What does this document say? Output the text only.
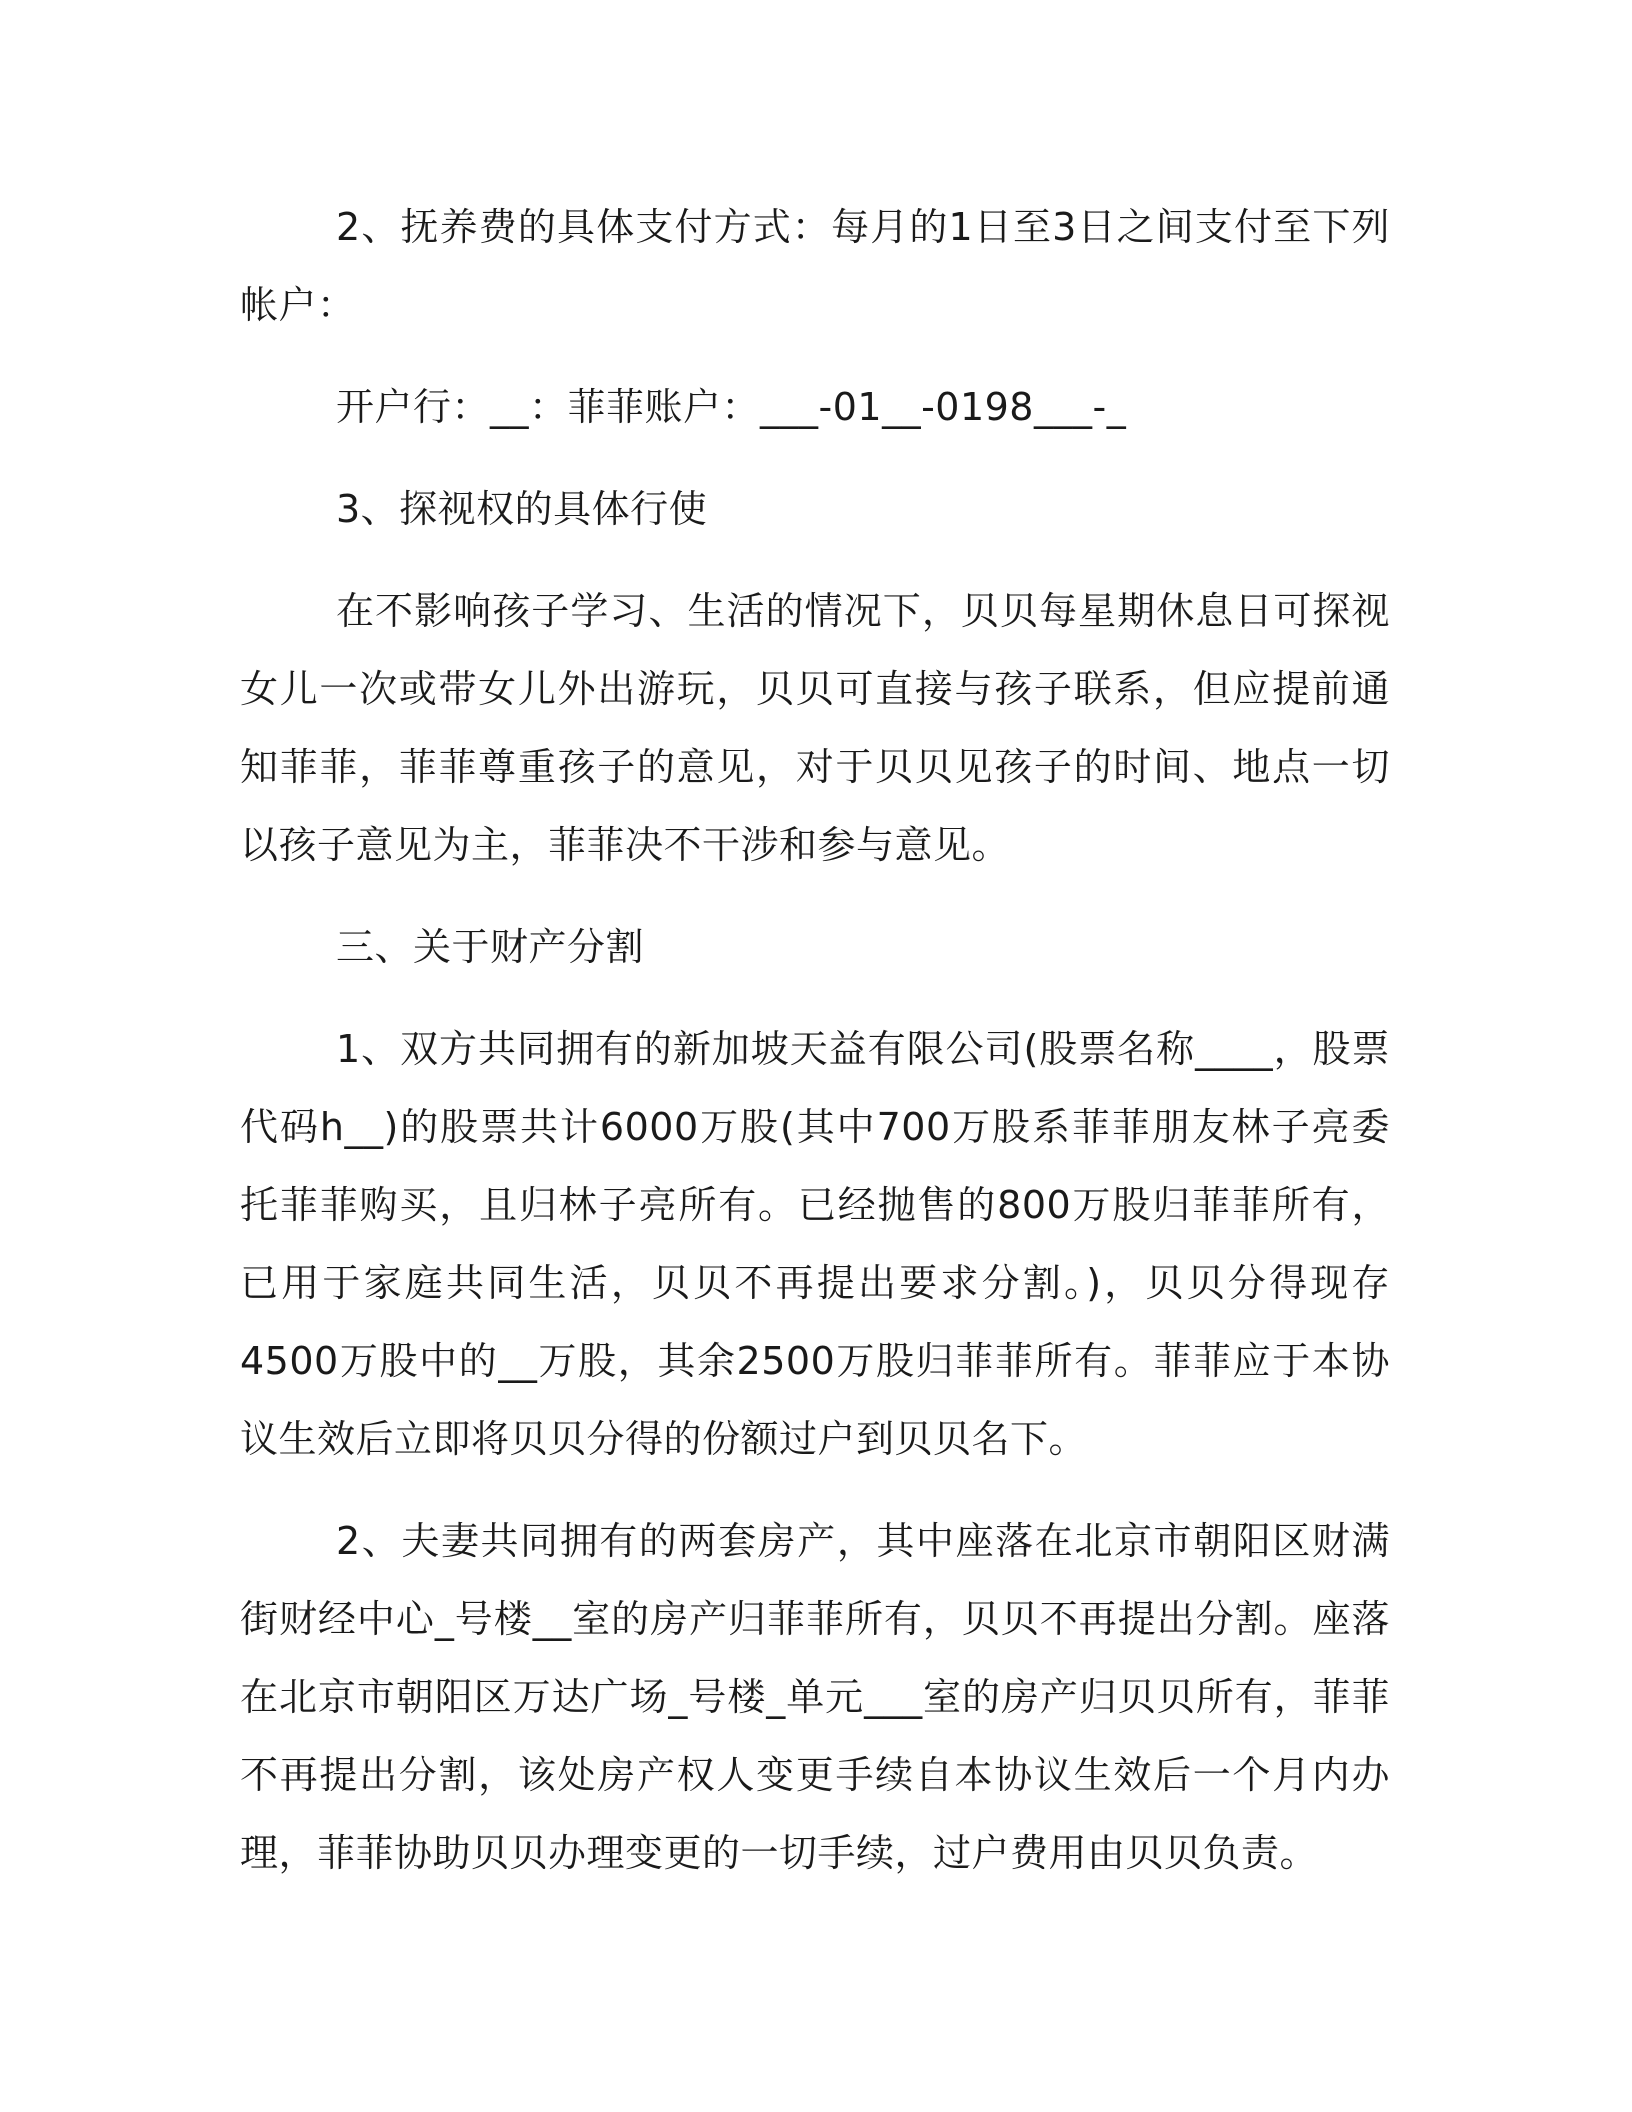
2、抚养费的具体支付方式：每月的1日至3日之间支付至下列帐户：

开户行：__：菲菲账户：___-01__-0198___-_

3、探视权的具体行使

在不影响孩子学习、生活的情况下，贝贝每星期休息日可探视女儿一次或带女儿外出游玩，贝贝可直接与孩子联系，但应提前通知菲菲，菲菲尊重孩子的意见，对于贝贝见孩子的时间、地点一切以孩子意见为主，菲菲决不干涉和参与意见。

三、关于财产分割

1、双方共同拥有的新加坡天益有限公司(股票名称____，股票代码h__)的股票共计6000万股(其中700万股系菲菲朋友林子亮委托菲菲购买，且归林子亮所有。已经抛售的800万股归菲菲所有，已用于家庭共同生活，贝贝不再提出要求分割。)，贝贝分得现存4500万股中的__万股，其余2500万股归菲菲所有。菲菲应于本协议生效后立即将贝贝分得的份额过户到贝贝名下。

2、夫妻共同拥有的两套房产，其中座落在北京市朝阳区财满街财经中心_号楼__室的房产归菲菲所有，贝贝不再提出分割。座落在北京市朝阳区万达广场_号楼_单元___室的房产归贝贝所有，菲菲不再提出分割，该处房产权人变更手续自本协议生效后一个月内办理，菲菲协助贝贝办理变更的一切手续，过户费用由贝贝负责。
